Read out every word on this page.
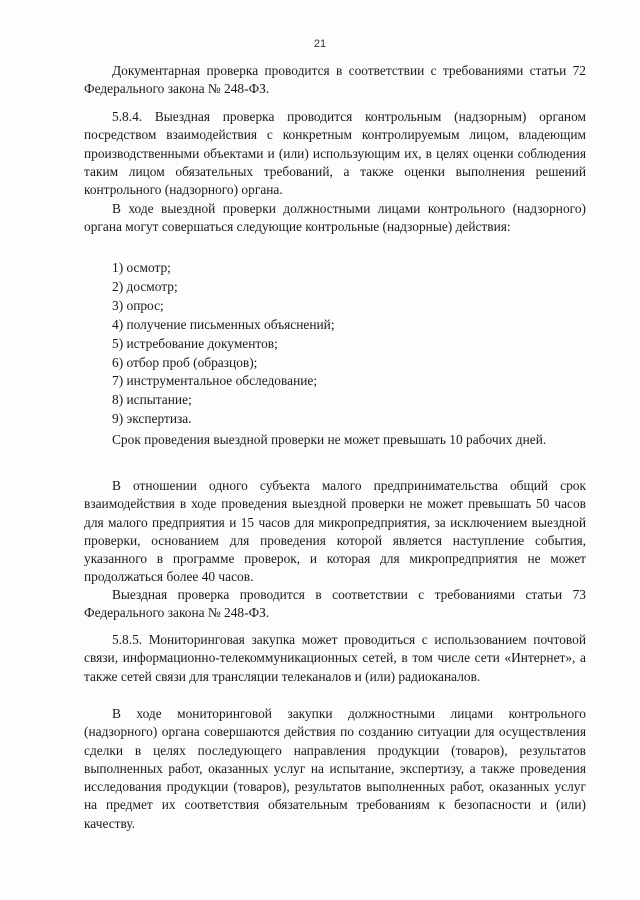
21

Документарная проверка проводится в соответствии с требованиями статьи 72 Федерального закона № 248-ФЗ.

5.8.4. Выездная проверка проводится контрольным (надзорным) органом посредством взаимодействия с конкретным контролируемым лицом, владеющим производственными объектами и (или) использующим их, в целях оценки соблюдения таким лицом обязательных требований, а также оценки выполнения решений контрольного (надзорного) органа.

В ходе выездной проверки должностными лицами контрольного (надзорного) органа могут совершаться следующие контрольные (надзорные) действия:

1) осмотр;
2) досмотр;
3) опрос;
4) получение письменных объяснений;
5) истребование документов;
6) отбор проб (образцов);
7) инструментальное обследование;
8) испытание;
9) экспертиза.

Срок проведения выездной проверки не может превышать 10 рабочих дней.

В отношении одного субъекта малого предпринимательства общий срок взаимодействия в ходе проведения выездной проверки не может превышать 50 часов для малого предприятия и 15 часов для микропредприятия, за исключением выездной проверки, основанием для проведения которой является наступление события, указанного в программе проверок, и которая для микропредприятия не может продолжаться более 40 часов.

Выездная проверка проводится в соответствии с требованиями статьи 73 Федерального закона № 248-ФЗ.

5.8.5. Мониторинговая закупка может проводиться с использованием почтовой связи, информационно-телекоммуникационных сетей, в том числе сети «Интернет», а также сетей связи для трансляции телеканалов и (или) радиоканалов.

В ходе мониторинговой закупки должностными лицами контрольного (надзорного) органа совершаются действия по созданию ситуации для осуществления сделки в целях последующего направления продукции (товаров), результатов выполненных работ, оказанных услуг на испытание, экспертизу, а также проведения исследования продукции (товаров), результатов выполненных работ, оказанных услуг на предмет их соответствия обязательным требованиям к безопасности и (или) качеству.
